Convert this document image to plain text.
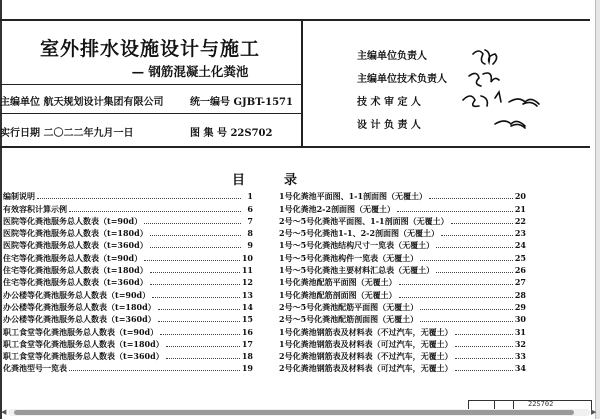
室外排水设施设计与施工
— 钢筋混凝土化粪池
主编单位 航天规划设计集团有限公司	统一编号 GJBT-1571
实行日期 二〇二二年九月一日	图 集 号 22S702
主编单位负责人
主编单位技术负责人
技 术 审 定 人
设 计 负 责 人
目	录
编制说明	1
有效容积计算示例	6
医院等化粪池服务总人数表（t=90d）	7
医院等化粪池服务总人数表（t=180d）	8
医院等化粪池服务总人数表（t=360d）	9
住宅等化粪池服务总人数表（t=90d）	10
住宅等化粪池服务总人数表（t=180d）	11
住宅等化粪池服务总人数表（t=360d）	12
办公楼等化粪池服务总人数表（t=90d）	13
办公楼等化粪池服务总人数表（t=180d）	14
办公楼等化粪池服务总人数表（t=360d）	15
职工食堂等化粪池服务总人数表（t=90d）	16
职工食堂等化粪池服务总人数表（t=180d）	17
职工食堂等化粪池服务总人数表（t=360d）	18
化粪池型号一览表	19
1号化粪池平面图、1-1剖面图（无覆土）	20
1号化粪池2-2剖面图（无覆土）	21
2号～5号化粪池平面图、1-1剖面图（无覆土）	22
2号～5号化粪池1-1、2-2剖面图（无覆土）	23
1号～5号化粪池结构尺寸一览表（无覆土）	24
1号～5号化粪池构件一览表（无覆土）	25
1号～5号化粪池主要材料汇总表（无覆土）	26
1号化粪池配筋平面图（无覆土）	27
1号化粪池配筋剖面图（无覆土）	28
2号～5号化粪池配筋平面图（无覆土）	29
2号～5号化粪池配筋剖面图（无覆土）	30
1号化粪池钢筋表及材料表（不过汽车，无覆土）	31
1号化粪池钢筋表及材料表（可过汽车，无覆土）	32
2号化粪池钢筋表及材料表（不过汽车，无覆土）	33
2号化粪池钢筋表及材料表（可过汽车，无覆土）	34
22S702
◀	▶
